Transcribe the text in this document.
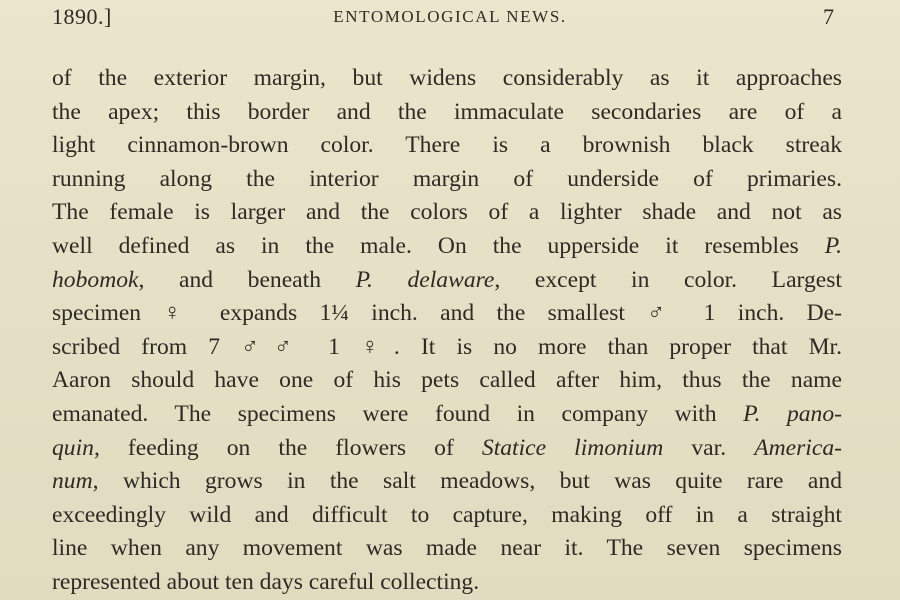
1890.]	ENTOMOLOGICAL NEWS.	7
of the exterior margin, but widens considerably as it approaches
the apex; this border and the immaculate secondaries are of a
light cinnamon-brown color. There is a brownish black streak
running along the interior margin of underside of primaries.
The female is larger and the colors of a lighter shade and not as
well defined as in the male. On the upperside it resembles P.
hobomok, and beneath P. delaware, except in color. Largest
specimen ♀ expands 1¼ inch. and the smallest ♂ 1 inch. De-
scribed from 7 ♂♂ 1 ♀. It is no more than proper that Mr.
Aaron should have one of his pets called after him, thus the name
emanated. The specimens were found in company with P. pano-
quin, feeding on the flowers of Statice limonium var. America-
num, which grows in the salt meadows, but was quite rare and
exceedingly wild and difficult to capture, making off in a straight
line when any movement was made near it. The seven specimens
represented about ten days careful collecting.
